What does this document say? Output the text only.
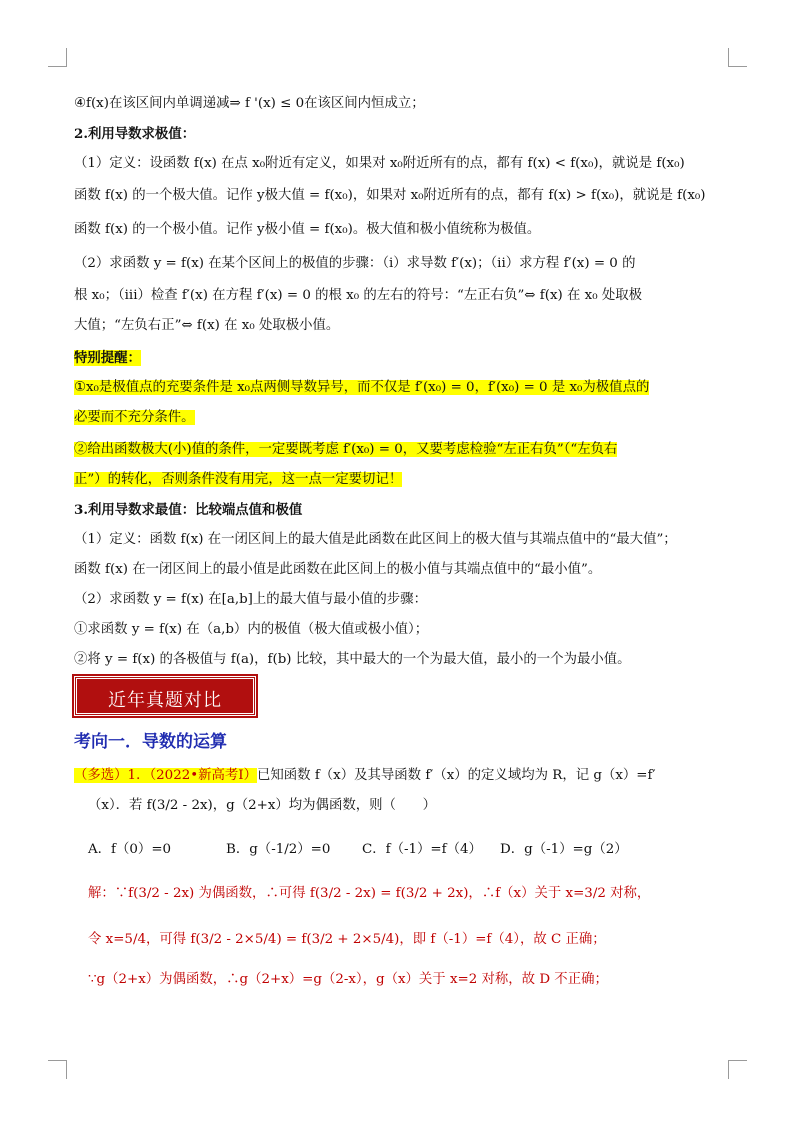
④f(x)在该区间内单调递减⇒ f '(x) ≤ 0在该区间内恒成立；
2.利用导数求极值：
（1）定义：设函数 f(x) 在点 x₀附近有定义，如果对 x₀附近所有的点，都有 f(x) < f(x₀)，就说是 f(x₀)
函数 f(x) 的一个极大值。记作 y极大值 = f(x₀)，如果对 x₀附近所有的点，都有 f(x) > f(x₀)，就说是 f(x₀)
函数 f(x) 的一个极小值。记作 y极小值 = f(x₀)。极大值和极小值统称为极值。
（2）求函数 y = f(x) 在某个区间上的极值的步骤：（i）求导数 f′(x)；（ii）求方程 f′(x) = 0 的
根 x₀；（iii）检查 f′(x) 在方程 f′(x) = 0 的根 x₀ 的左右的符号：“左正右负”⇔ f(x) 在 x₀ 处取极
大值；“左负右正”⇔ f(x) 在 x₀ 处取极小值。
特别提醒：
①x₀是极值点的充要条件是 x₀点两侧导数异号，而不仅是 f′(x₀) = 0，f′(x₀) = 0 是 x₀为极值点的
必要而不充分条件。
②给出函数极大(小)值的条件，一定要既考虑 f′(x₀) = 0，又要考虑检验“左正右负”（“左负右
正”）的转化，否则条件没有用完，这一点一定要切记！
3.利用导数求最值：比较端点值和极值
（1）定义：函数 f(x) 在一闭区间上的最大值是此函数在此区间上的极大值与其端点值中的“最大值”；
函数 f(x) 在一闭区间上的最小值是此函数在此区间上的极小值与其端点值中的“最小值”。
（2）求函数 y = f(x) 在[a,b]上的最大值与最小值的步骤：
①求函数 y = f(x) 在（a,b）内的极值（极大值或极小值）；
②将 y = f(x) 的各极值与 f(a)，f(b) 比较，其中最大的一个为最大值，最小的一个为最小值。
近年真题对比
考向一．导数的运算
（多选）1．（2022•新高考Ⅰ）已知函数 f（x）及其导函数 f′（x）的定义域均为 R，记 g（x）=f′
（x）．若 f(3/2 - 2x)，g（2+x）均为偶函数，则（　　）
A．f（0）=0	B．g（-1/2）=0 C．f（-1）=f（4） D．g（-1）=g（2）
解：∵f(3/2 - 2x) 为偶函数，∴可得 f(3/2 - 2x) = f(3/2 + 2x)，∴f（x）关于 x=3/2 对称，
令 x=5/4，可得 f(3/2 - 2×5/4) = f(3/2 + 2×5/4)，即 f（-1）=f（4），故 C 正确；
∵g（2+x）为偶函数，∴g（2+x）=g（2-x），g（x）关于 x=2 对称，故 D 不正确；
